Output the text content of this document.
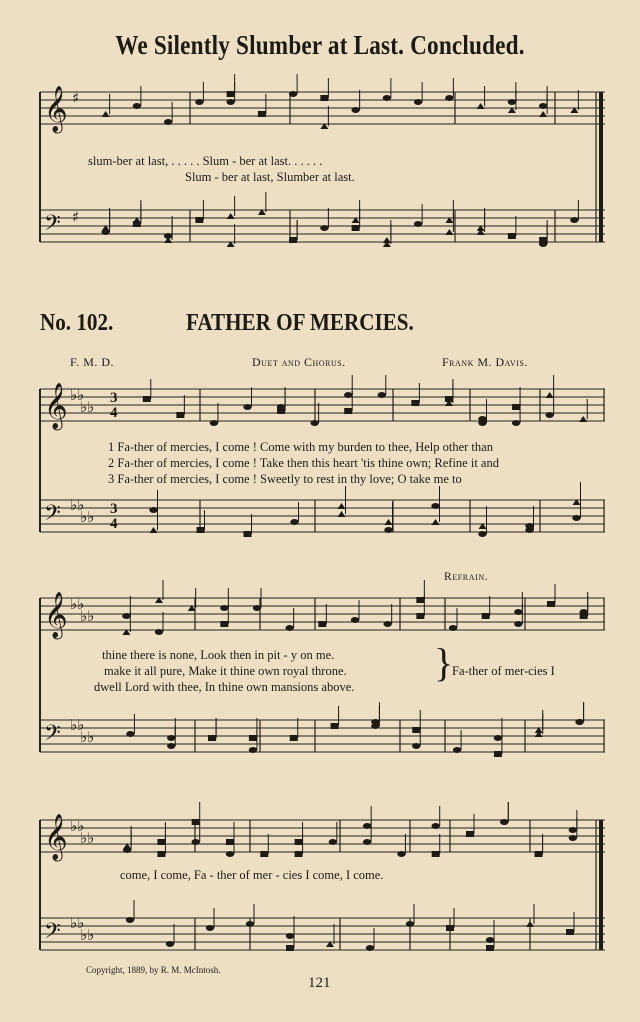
We Silently Slumber at Last. Concluded.
slum-ber at last, . . . . . Slum - ber at last. . . . . .
Slum - ber at last, Slumber at last.
No. 102.	FATHER OF MERCIES.
F. M. D.	Duet and Chorus.	Frank M. Davis.
1 Fa-ther of mercies, I come ! Come with my burden to thee, Help other than
2 Fa-ther of mercies, I come ! Take then this heart 'tis thine own; Refine it and
3 Fa-ther of mercies, I come ! Sweetly to rest in thy love; O take me to
Refrain.
thine there is none, Look then in pit - y on me.
make it all pure, Make it thine own royal throne.
dwell Lord with thee, In thine own mansions above.
}
Fa-ther of mer-cies I
come, I come, Fa - ther of mer - cies I come, I come.
Copyright, 1889, by R. M. McIntosh.
121
𝄞
𝄢
♯
♯
𝄞
𝄢
♭♭
♭♭
♭♭
♭♭
3
4
3
4
𝄞
𝄢
♭♭
♭♭
♭♭
♭♭
𝄞
𝄢
♭♭
♭♭
♭♭
♭♭
